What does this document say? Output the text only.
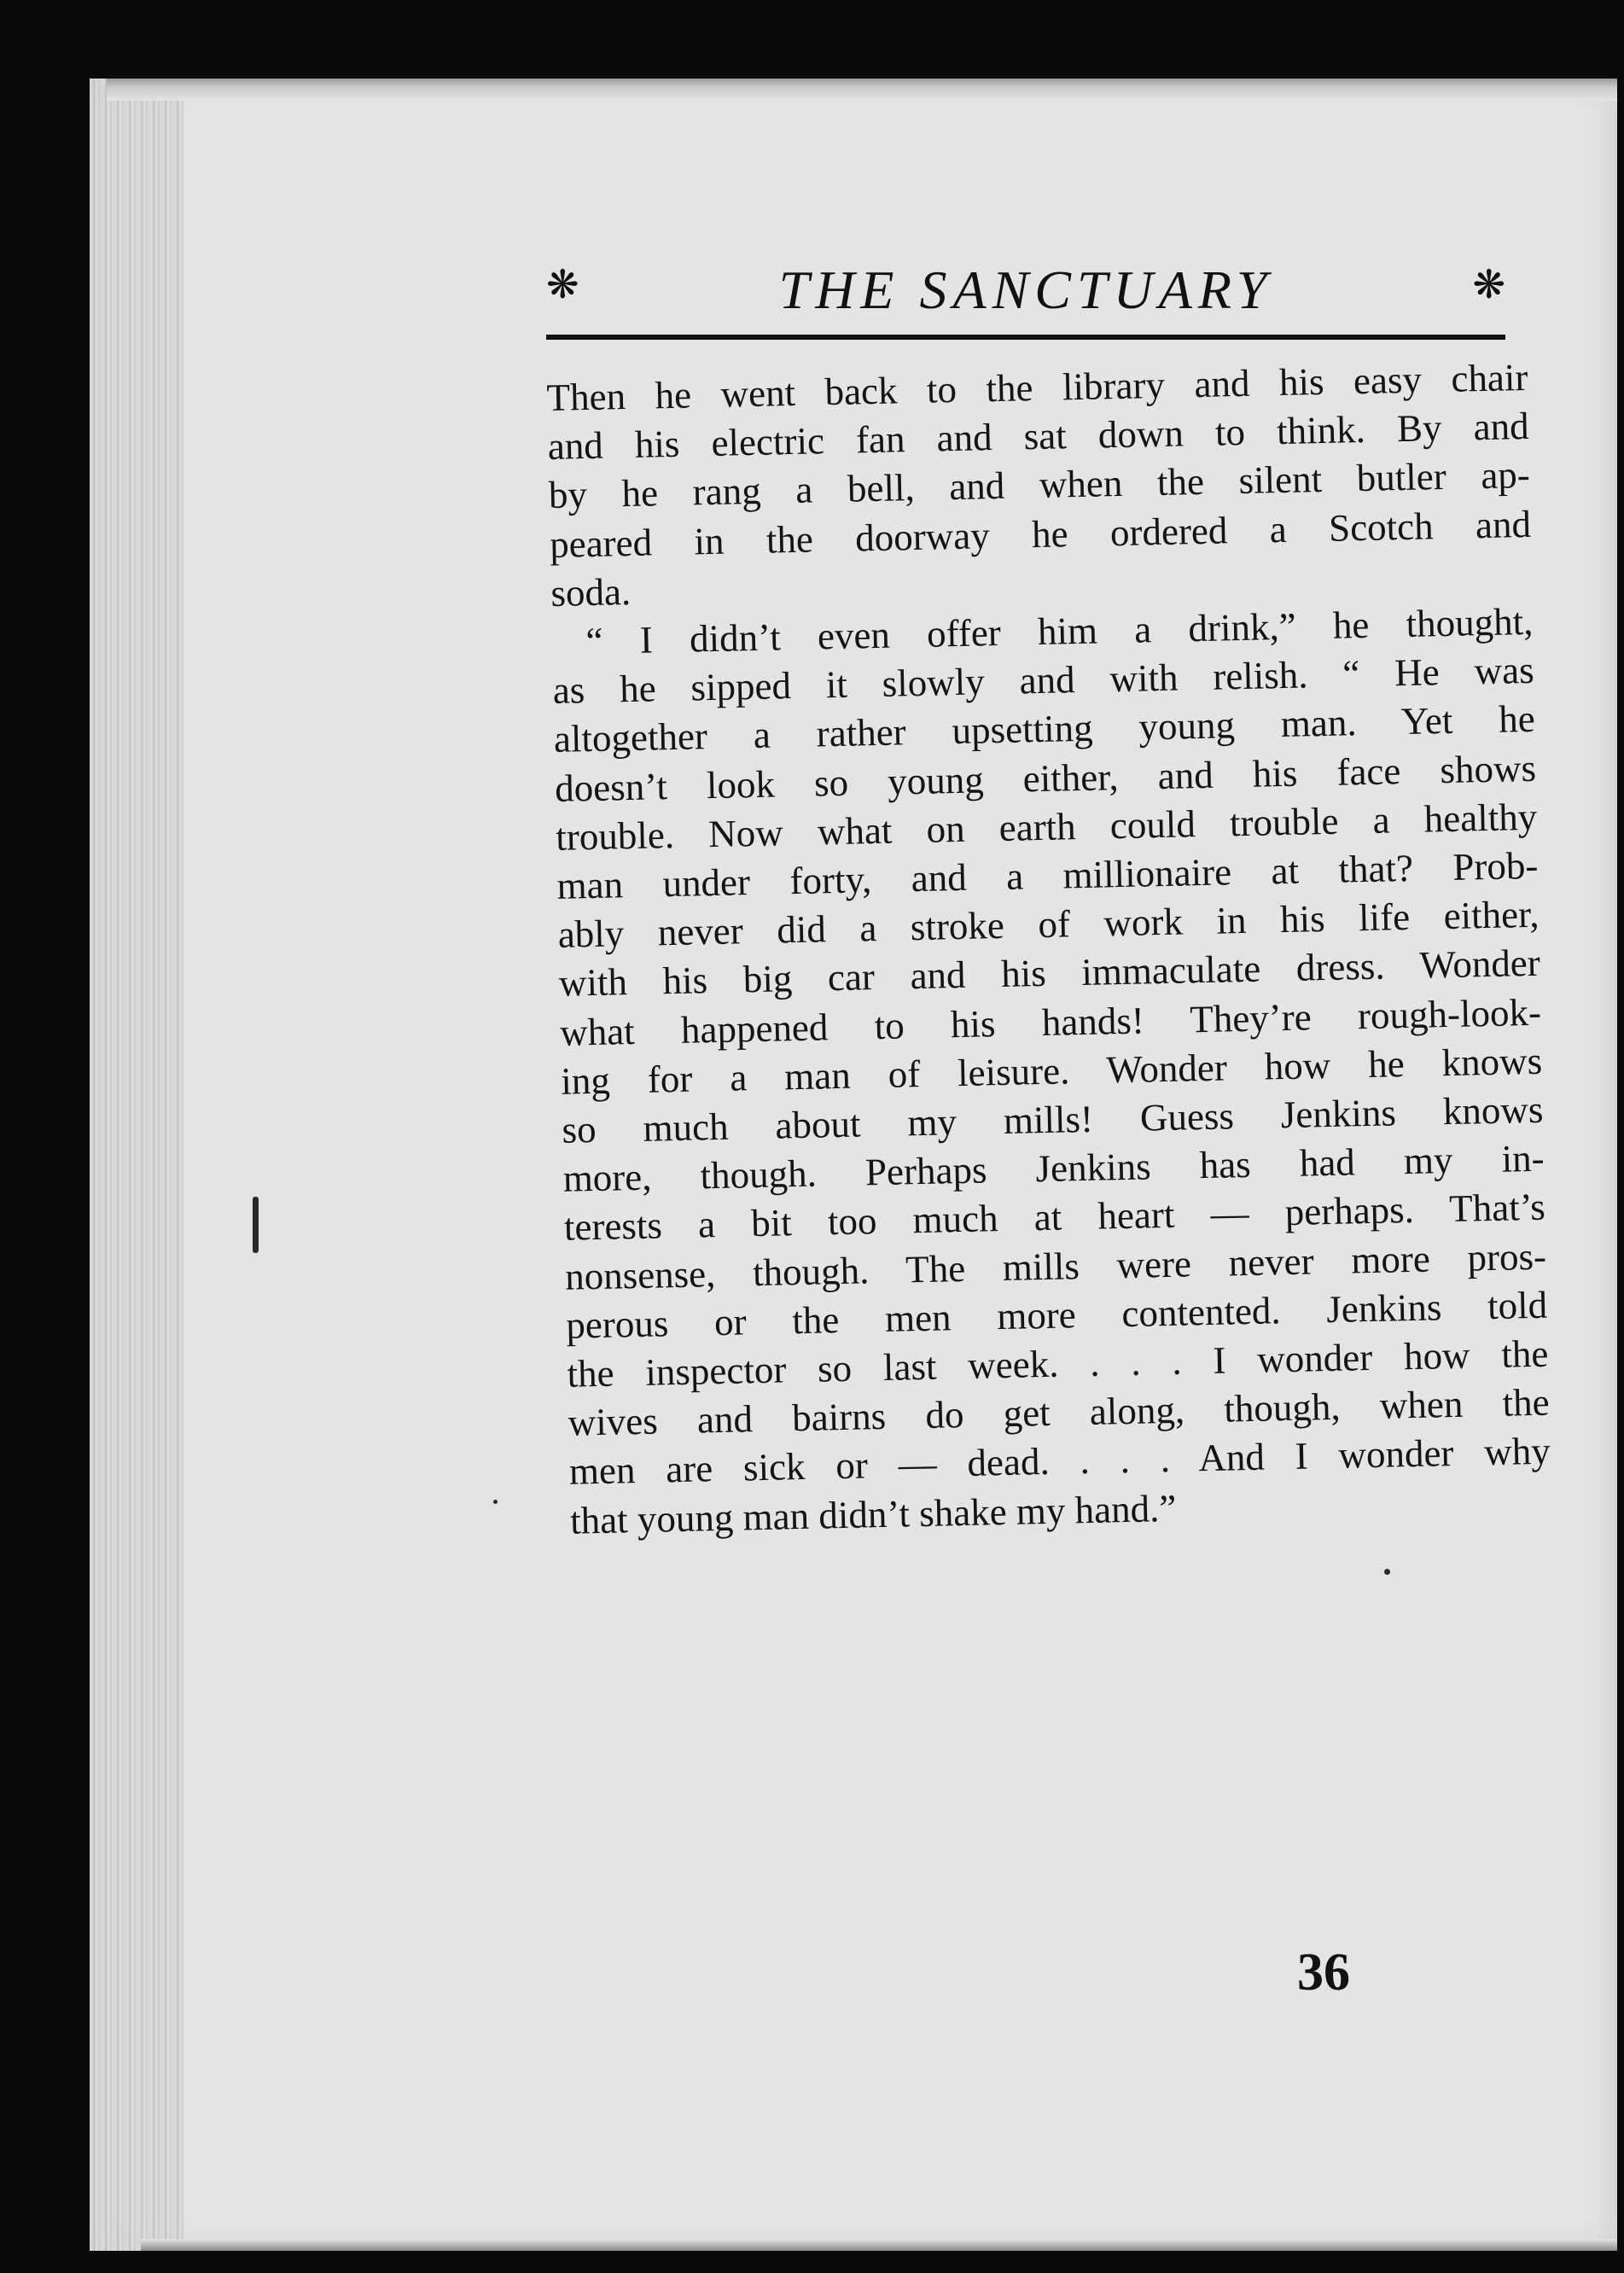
❋	THE SANCTUARY	❋

Then he went back to the library and his easy chair
and his electric fan and sat down to think. By and
by he rang a bell, and when the silent butler ap-
peared in the doorway he ordered a Scotch and
soda.

“ I didn’t even offer him a drink,” he thought,
as he sipped it slowly and with relish. “ He was
altogether a rather upsetting young man. Yet he
doesn’t look so young either, and his face shows
trouble. Now what on earth could trouble a healthy
man under forty, and a millionaire at that? Prob-
ably never did a stroke of work in his life either,
with his big car and his immaculate dress. Wonder
what happened to his hands! They’re rough-look-
ing for a man of leisure. Wonder how he knows
so much about my mills! Guess Jenkins knows
more, though. Perhaps Jenkins has had my in-
terests a bit too much at heart — perhaps. That’s
nonsense, though. The mills were never more pros-
perous or the men more contented. Jenkins told
the inspector so last week. . . . I wonder how the
wives and bairns do get along, though, when the
men are sick or — dead. . . . And I wonder why
that young man didn’t shake my hand.”

36
